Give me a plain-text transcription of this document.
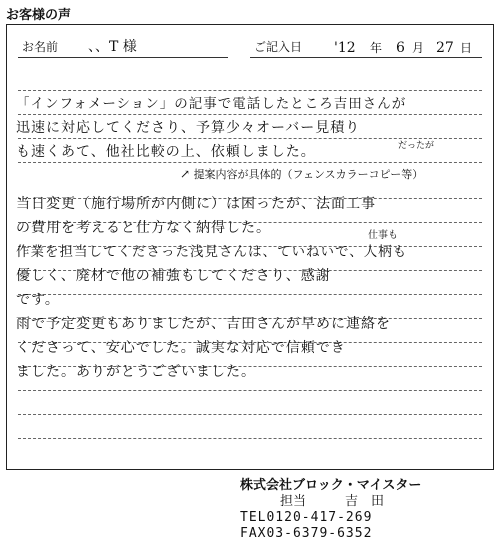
お客様の声
お名前 、、T 様	ご記入日 '12 年 6 月 27 日
「インフォメーション」の記事で電話したところ吉田さんが
迅速に対応してくださり、予算少々オーバー見積り
だったが
も速くあて、他社比較の上、依頼しました。
↗ 提案内容が具体的（フェンスカラーコピー等）
当日変更（施行場所が内側に）は困ったが、法面工事
の費用を考えると仕方なく納得した。	仕事も
作業を担当してくださった浅見さんは、ていねいで、人柄も
優しく、廃材で他の補強もしてくださり、感謝
です。
雨で予定変更もありましたが、吉田さんが早めに連絡を
くださって、安心でした。誠実な対応で信頼でき
ました。ありがとうございました。
株式会社ブロック・マイスター
担当　　　吉　田
TEL0120-417-269
FAX03-6379-6352
